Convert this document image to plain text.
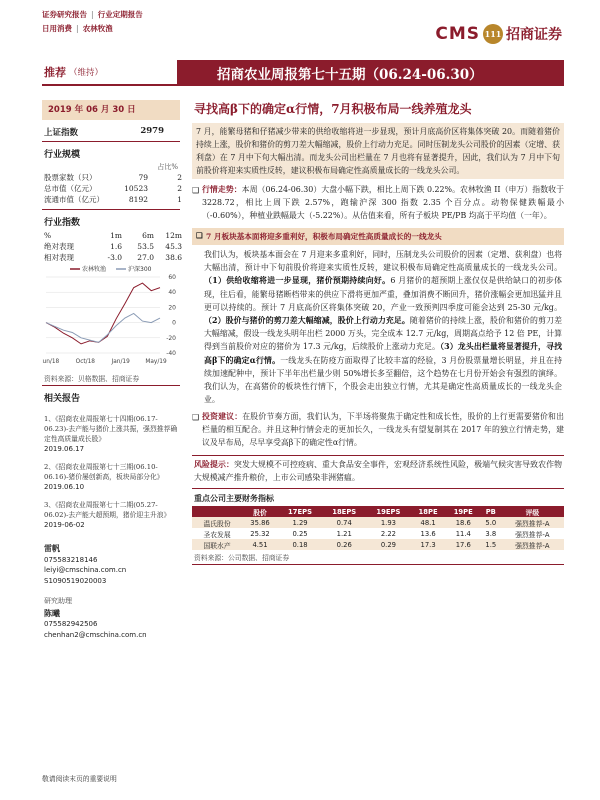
证券研究报告 | 行业定期报告
日用消费 | 农林牧渔	CMS 111 招商证券
招商农业周报第七十五期（06.24-06.30）
推荐 （维持）
2019 年 06 月 30 日
上证指数	2979
行业规模
占比%
股票家数（只）	79	2
总市值（亿元）	10523	2
流通市值（亿元）	8192	1
行业指数
%	1m	6m	12m
绝对表现	1.6	53.5	45.3
相对表现	-3.0	27.0	38.6
60
40
20
0
-20
-40
Jun/18	Oct/18	Jan/19	May/19
农林牧渔	沪深300
资料来源：贝格数据、招商证券
相关报告
1、《招商农业周报第七十四期(06.17-06.23)-去产能与猪价上涨共振，强烈推荐确定性高质量成长股》
2019.06.17
2、《招商农业周报第七十三期(06.10-06.16)-猪价屡创新高，板块局部分化》
2019.06.10
3、《招商农业周报第七十二期(05.27-06.02)-去产能大超预期，猪价迎主升浪》
2019-06-02
雷帆
075583218146
leiyi@cmschina.com.cn
S1090519020003
研究助理
陈曦
075582942506
chenhan2@cmschina.com.cn
寻找高β下的确定α行情，7月积极布局一线养殖龙头
7 月，能繁母猪和仔猪减少带来的供给收缩将进一步显现，预计月底高价区将集体突破 20。而随着猪价持续上涨，股价和猪价的剪刀差大幅缩减，股价上行动力充足。同时压制龙头公司股价的因素（定增、获利盘）在 7 月中下旬大幅出清。而龙头公司出栏量在 7 月也将有显著提升，因此，我们认为 7 月中下旬前股价将迎来实质性反转，建议积极布局确定性高质量成长的一线龙头公司。
❑ 行情走势：本周（06.24-06.30）大盘小幅下跌，相比上周下跌 0.22%。农林牧渔 II（申万）指数收于 3228.72，相比上周下跌 2.57%，跑输沪深 300 指数 2.35 个百分点。动物保健跌幅最小（-0.60%），种植业跌幅最大（-5.22%）。从估值来看，所有子板块 PE/PB 均高于平均值（一年）。
❑ 7 月板块基本面将迎多重利好，积极布局确定性高质量成长的一线龙头
我们认为，板块基本面会在 7 月迎来多重利好，同时，压制龙头公司股价的因素（定增、获利盘）也将大幅出清，预计中下旬前股价将迎来实质性反转，建议积极布局确定性高质量成长的一线龙头公司。（1）供给收缩将进一步显现，猪价预期持续向好。6 月猪价的超预期上涨仅仅是供给缺口的初步体现，往后看，能繁母猪断档带来的供应下滑将更加严重，叠加消费不断回升，猪价涨幅会更加迅猛并且更可以持续的。预计 7 月底高价区将集体突破 20，产业一致预判四季度可能会达到 25-30 元/kg。（2）股价与猪价的剪刀差大幅缩减，股价上行动力充足。随着猪价的持续上涨，股价和猪价的剪刀差大幅缩减，假设一线龙头明年出栏 2000 万头，完全成本 12.7 元/kg，周期高点给予 12 倍 PE，计算得到当前股价对应的猪价为 17.3 元/kg，后续股价上涨动力充足。（3）龙头出栏量将显著提升，寻找高β下的确定α行情。一线龙头在防疫方面取得了比较丰富的经验，3 月份股票量增长明显，并且在持续加速配种中，预计下半年出栏量少则 50%增长多至翻倍，这个趋势在七月份开始会有强烈的演绎。我们认为，在高猪价的板块性行情下，个股会走出独立行情，尤其是确定性高质量成长的一线龙头企业。
❑ 投资建议：在股价节奏方面，我们认为，下半场将聚焦于确定性和成长性，股价的上行更需要猪价和出栏量的相互配合。并且这种行情会走的更加长久，一线龙头有望复制其在 2017 年的独立行情走势，建议及早布局，尽早享受高β下的确定性α行情。
风险提示：突发大规模不可控疫病、重大食品安全事件，宏观经济系统性风险，极端气候灾害导致农作物大规模减产推升粮价，上市公司感染非洲猪瘟。
重点公司主要财务指标
	股价	17EPS	18EPS	19EPS	18PE	19PE	PB	评级
温氏股份	35.86	1.29	0.74	1.93	48.1	18.6	5.0	强烈推荐-A
圣农发展	25.32	0.25	1.21	2.22	13.6	11.4	3.8	强烈推荐-A
国联水产	4.51	0.18	0.26	0.29	17.3	17.6	1.5	强烈推荐-A
资料来源：公司数据、招商证券
敬请阅读末页的重要说明
